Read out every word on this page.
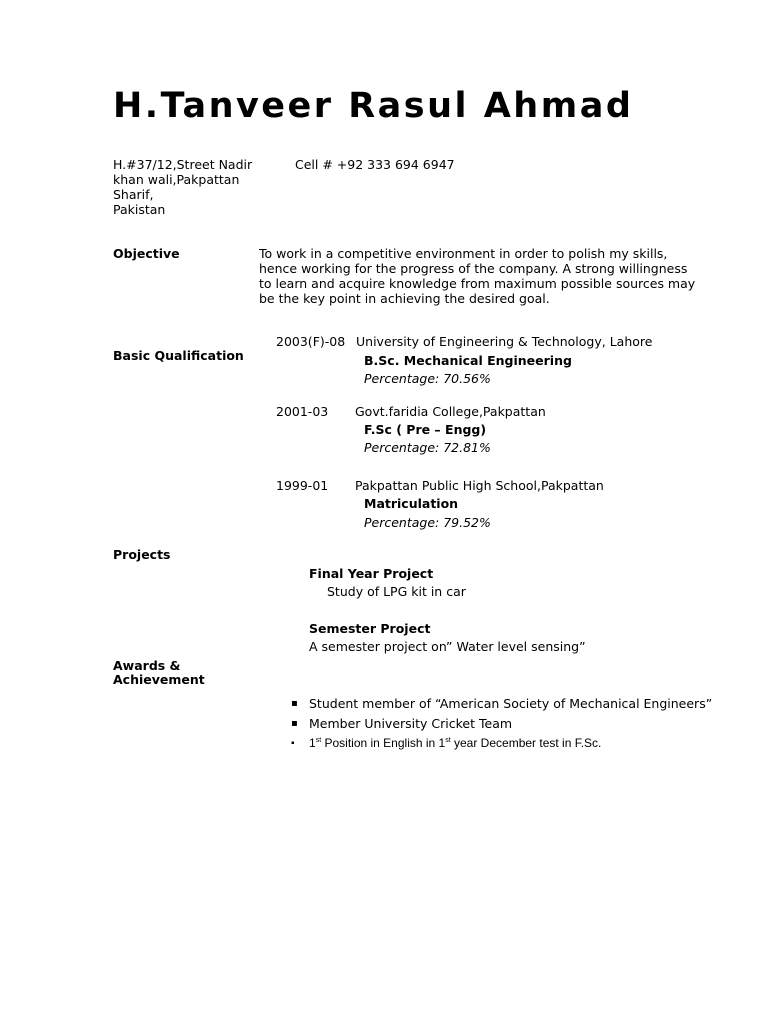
H.Tanveer Rasul Ahmad
H.#37/12,Street Nadir
khan wali,Pakpattan
Sharif,
Pakistan
Cell # +92 333 694 6947
Objective	To work in a competitive environment in order to polish my skills,
hence working for the progress of the company. A strong willingness
to learn and acquire knowledge from maximum possible sources may
be the key point in achieving the desired goal.
Basic Qualification
2003(F)-08 University of Engineering & Technology, Lahore
B.Sc. Mechanical Engineering
Percentage: 70.56%
2001-03 Govt.faridia College,Pakpattan
F.Sc ( Pre – Engg)
Percentage: 72.81%
1999-01 Pakpattan Public High School,Pakpattan
Matriculation
Percentage: 79.52%
Projects
Final Year Project
Study of LPG kit in car
Semester Project
A semester project on” Water level sensing”
Awards &
Achievement
▪ Student member of “American Society of Mechanical Engineers”
▪ Member University Cricket Team
▪ 1st Position in English in 1st year December test in F.Sc.
